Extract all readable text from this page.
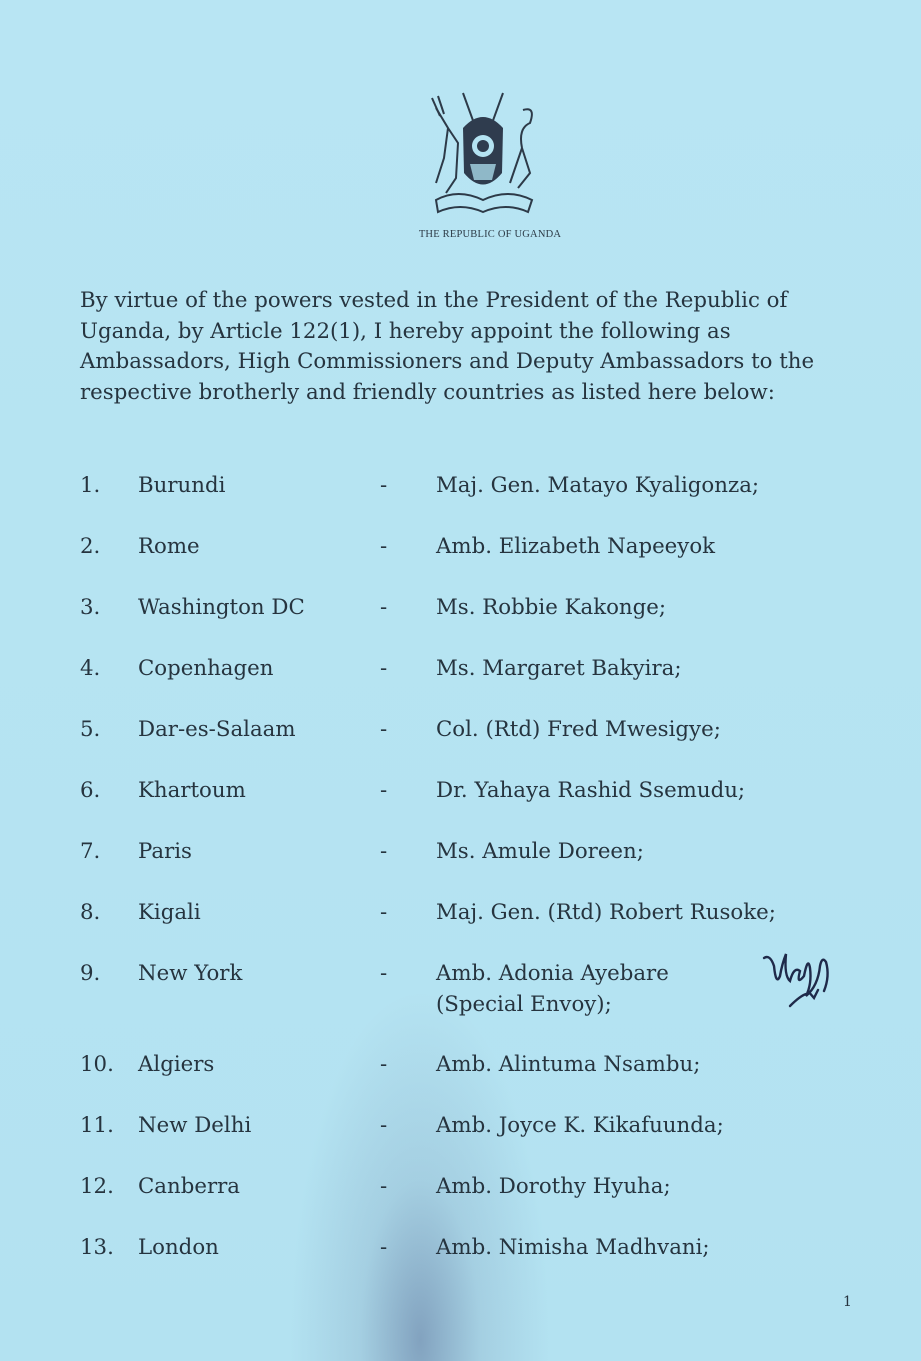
THE REPUBLIC OF UGANDA

By virtue of the powers vested in the President of the Republic of Uganda, by Article 122(1), I hereby appoint the following as Ambassadors, High Commissioners and Deputy Ambassadors to the respective brotherly and friendly countries as listed here below:

1. Burundi	- Maj. Gen. Matayo Kyaligonza;
2. Rome	- Amb. Elizabeth Napeeyok
3. Washington DC	- Ms. Robbie Kakonge;
4. Copenhagen	- Ms. Margaret Bakyira;
5. Dar-es-Salaam	- Col. (Rtd) Fred Mwesigye;
6. Khartoum	- Dr. Yahaya Rashid Ssemudu;
7. Paris	- Ms. Amule Doreen;
8. Kigali	- Maj. Gen. (Rtd) Robert Rusoke;
9. New York	- Amb. Adonia Ayebare
(Special Envoy);
10. Algiers	- Amb. Alintuma Nsambu;
11. New Delhi	- Amb. Joyce K. Kikafuunda;
12. Canberra	- Amb. Dorothy Hyuha;
13. London	- Amb. Nimisha Madhvani;
1
